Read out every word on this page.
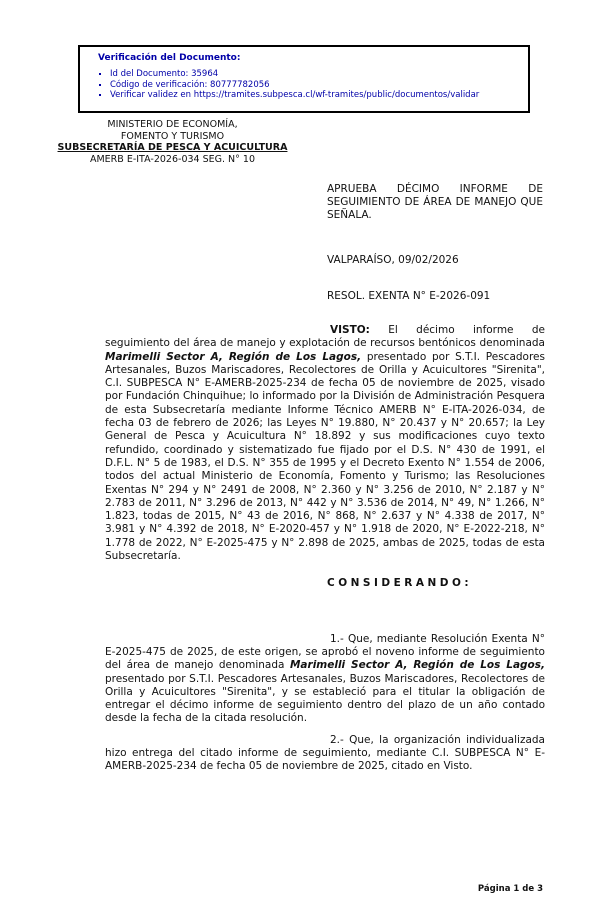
Verificación del Documento:

▪ Id del Documento: 35964
▪ Código de verificación: 80777782056
▪ Verificar validez en https://tramites.subpesca.cl/wf-tramites/public/documentos/validar
MINISTERIO DE ECONOMÍA,
FOMENTO Y TURISMO
SUBSECRETARÍA DE PESCA Y ACUICULTURA
AMERB E-ITA-2026-034 SEG. N° 10
APRUEBA DÉCIMO INFORME DE SEGUIMIENTO DE ÁREA DE MANEJO QUE SEÑALA.
VALPARAÍSO, 09/02/2026
RESOL. EXENTA N° E-2026-091

VISTO: El décimo informe de seguimiento del área de manejo y explotación de recursos bentónicos denominada Marimelli Sector A, Región de Los Lagos, presentado por S.T.I. Pescadores Artesanales, Buzos Mariscadores, Recolectores de Orilla y Acuicultores "Sirenita", C.I. SUBPESCA N° E-AMERB-2025-234 de fecha 05 de noviembre de 2025, visado por Fundación Chinquihue; lo informado por la División de Administración Pesquera de esta Subsecretaría mediante Informe Técnico AMERB N° E-ITA-2026-034, de fecha 03 de febrero de 2026; las Leyes N° 19.880, N° 20.437 y N° 20.657; la Ley General de Pesca y Acuicultura N° 18.892 y sus modificaciones cuyo texto refundido, coordinado y sistematizado fue fijado por el D.S. N° 430 de 1991, el D.F.L. N° 5 de 1983, el D.S. N° 355 de 1995 y el Decreto Exento N° 1.554 de 2006, todos del actual Ministerio de Economía, Fomento y Turismo; las Resoluciones Exentas N° 294 y N° 2491 de 2008, N° 2.360 y N° 3.256 de 2010, N° 2.187 y N° 2.783 de 2011, N° 3.296 de 2013, N° 442 y N° 3.536 de 2014, N° 49, N° 1.266, N° 1.823, todas de 2015, N° 43 de 2016, N° 868, N° 2.637 y N° 4.338 de 2017, N° 3.981 y N° 4.392 de 2018, N° E-2020-457 y N° 1.918 de 2020, N° E-2022-218, N° 1.778 de 2022, N° E-2025-475 y N° 2.898 de 2025, ambas de 2025, todas de esta Subsecretaría.

CONSIDERANDO:

1.- Que, mediante Resolución Exenta N° E-2025-475 de 2025, de este origen, se aprobó el noveno informe de seguimiento del área de manejo denominada Marimelli Sector A, Región de Los Lagos, presentado por S.T.I. Pescadores Artesanales, Buzos Mariscadores, Recolectores de Orilla y Acuicultores "Sirenita", y se estableció para el titular la obligación de entregar el décimo informe de seguimiento dentro del plazo de un año contado desde la fecha de la citada resolución.

2.- Que, la organización individualizada hizo entrega del citado informe de seguimiento, mediante C.I. SUBPESCA N° E-AMERB-2025-234 de fecha 05 de noviembre de 2025, citado en Visto.

Página 1 de 3
